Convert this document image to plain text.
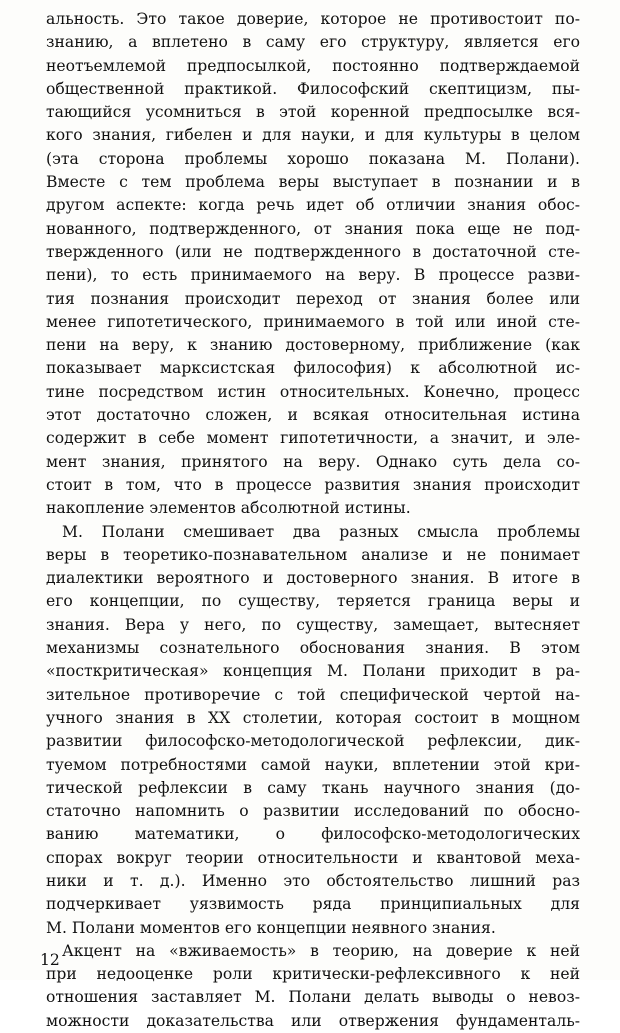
альность. Это такое доверие, которое не противостоит по-
знанию, а вплетено в саму его структуру, является его
неотъемлемой предпосылкой, постоянно подтверждаемой
общественной практикой. Философский скептицизм, пы-
тающийся усомниться в этой коренной предпосылке вся-
кого знания, гибелен и для науки, и для культуры в целом
(эта сторона проблемы хорошо показана М. Полани).
Вместе с тем проблема веры выступает в познании и в
другом аспекте: когда речь идет об отличии знания обос-
нованного, подтвержденного, от знания пока еще не под-
твержденного (или не подтвержденного в достаточной сте-
пени), то есть принимаемого на веру. В процессе разви-
тия познания происходит переход от знания более или
менее гипотетического, принимаемого в той или иной сте-
пени на веру, к знанию достоверному, приближение (как
показывает марксистская философия) к абсолютной ис-
тине посредством истин относительных. Конечно, процесс
этот достаточно сложен, и всякая относительная истина
содержит в себе момент гипотетичности, а значит, и эле-
мент знания, принятого на веру. Однако суть дела со-
стоит в том, что в процессе развития знания происходит
накопление элементов абсолютной истины.
М. Полани смешивает два разных смысла проблемы
веры в теоретико-познавательном анализе и не понимает
диалектики вероятного и достоверного знания. В итоге в
его концепции, по существу, теряется граница веры и
знания. Вера у него, по существу, замещает, вытесняет
механизмы сознательного обоснования знания. В этом
«посткритическая» концепция М. Полани приходит в ра-
зительное противоречие с той специфической чертой на-
учного знания в XX столетии, которая состоит в мощном
развитии философско-методологической рефлексии, дик-
туемом потребностями самой науки, вплетении этой кри-
тической рефлексии в саму ткань научного знания (до-
статочно напомнить о развитии исследований по обосно-
ванию математики, о философско-методологических
спорах вокруг теории относительности и квантовой меха-
ники и т. д.). Именно это обстоятельство лишний раз
подчеркивает уязвимость ряда принципиальных для
М. Полани моментов его концепции неявного знания.
Акцент на «вживаемость» в теорию, на доверие к ней
при недооценке роли критически-рефлексивного к ней
отношения заставляет М. Полани делать выводы о невоз-
можности доказательства или отвержения фундаменталь-
12
